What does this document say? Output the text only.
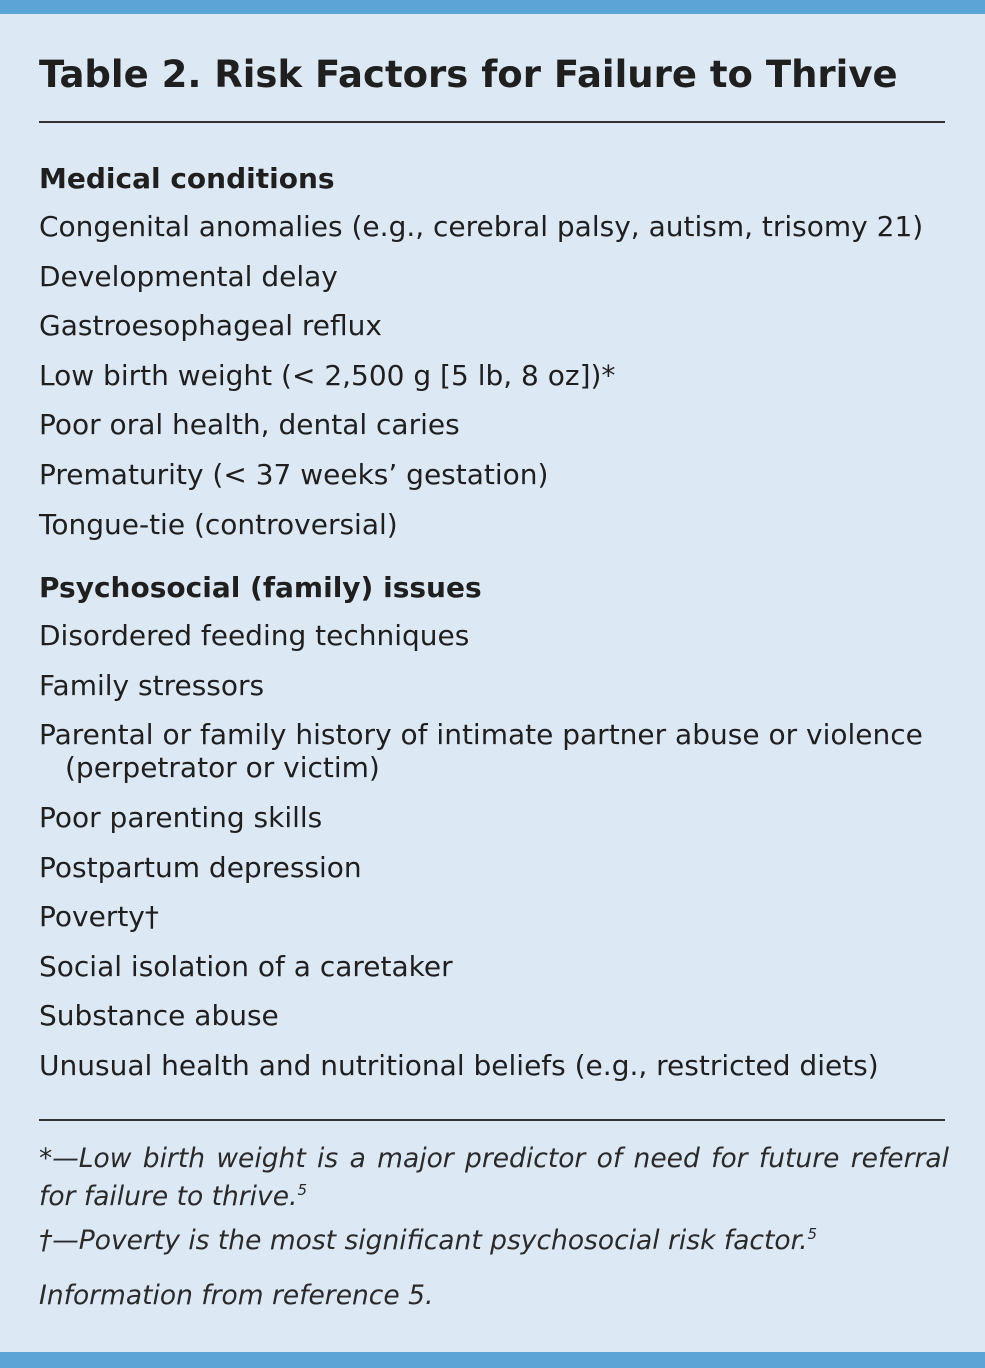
Table 2. Risk Factors for Failure to Thrive

Medical conditions

Congenital anomalies (e.g., cerebral palsy, autism, trisomy 21)

Developmental delay

Gastroesophageal reflux

Low birth weight (< 2,500 g [5 lb, 8 oz])*

Poor oral health, dental caries

Prematurity (< 37 weeks’ gestation)

Tongue-tie (controversial)

Psychosocial (family) issues

Disordered feeding techniques

Family stressors

Parental or family history of intimate partner abuse or violence
(perpetrator or victim)

Poor parenting skills

Postpartum depression

Poverty†

Social isolation of a caretaker

Substance abuse

Unusual health and nutritional beliefs (e.g., restricted diets)

*—Low birth weight is a major predictor of need for future referral for failure to thrive.$^5$

†—Poverty is the most significant psychosocial risk factor.$^5$

Information from reference 5.
